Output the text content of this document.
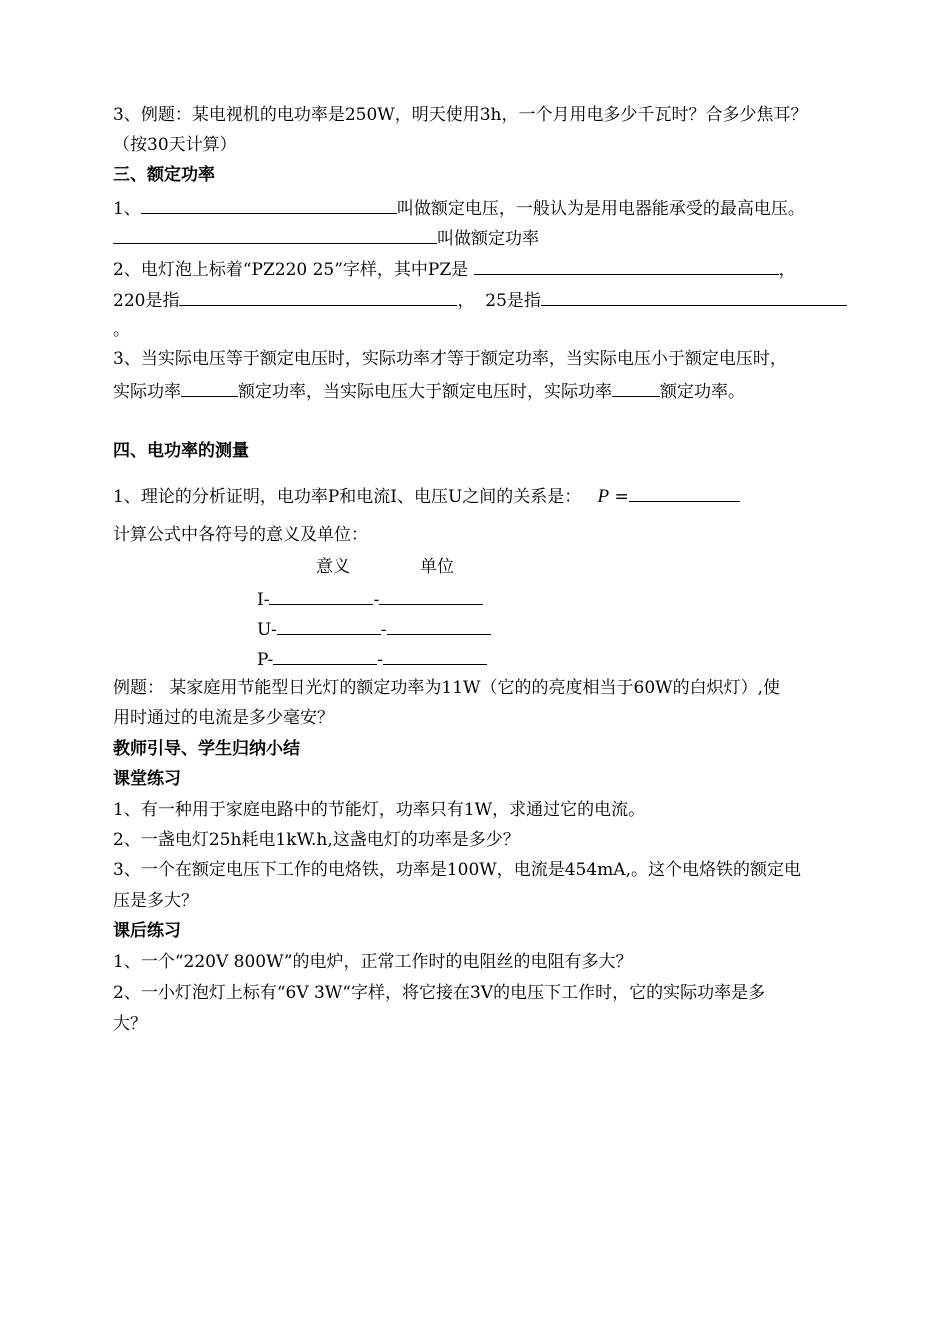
3、例题：某电视机的电功率是250W，明天使用3h，一个月用电多少千瓦时？合多少焦耳？
（按30天计算）
三、额定功率
1、	叫做额定电压，一般认为是用电器能承受的最高电压。
叫做额定功率
2、电灯泡上标着“PZ220 25”字样，其中PZ是	，
220是指	， 25是指
。
3、当实际电压等于额定电压时，实际功率才等于额定功率，当实际电压小于额定电压时，
实际功率	额定功率，当实际电压大于额定电压时，实际功率	额定功率。
四、电功率的测量
1、理论的分析证明，电功率P和电流I、电压U之间的关系是： P =
计算公式中各符号的意义及单位：
意义	单位
I-	-
U-	-
P-	-
例题： 某家庭用节能型日光灯的额定功率为11W（它的的亮度相当于60W的白炽灯）,使
用时通过的电流是多少毫安？
教师引导、学生归纳小结
课堂练习
1、有一种用于家庭电路中的节能灯，功率只有1W，求通过它的电流。
2、一盏电灯25h耗电1kW.h,这盏电灯的功率是多少？
3、一个在额定电压下工作的电烙铁，功率是100W，电流是454mA,。这个电烙铁的额定电
压是多大？
课后练习
1、一个“220V 800W”的电炉，正常工作时的电阻丝的电阻有多大？
2、一小灯泡灯上标有“6V 3W“字样，将它接在3V的电压下工作时，它的实际功率是多
大？
